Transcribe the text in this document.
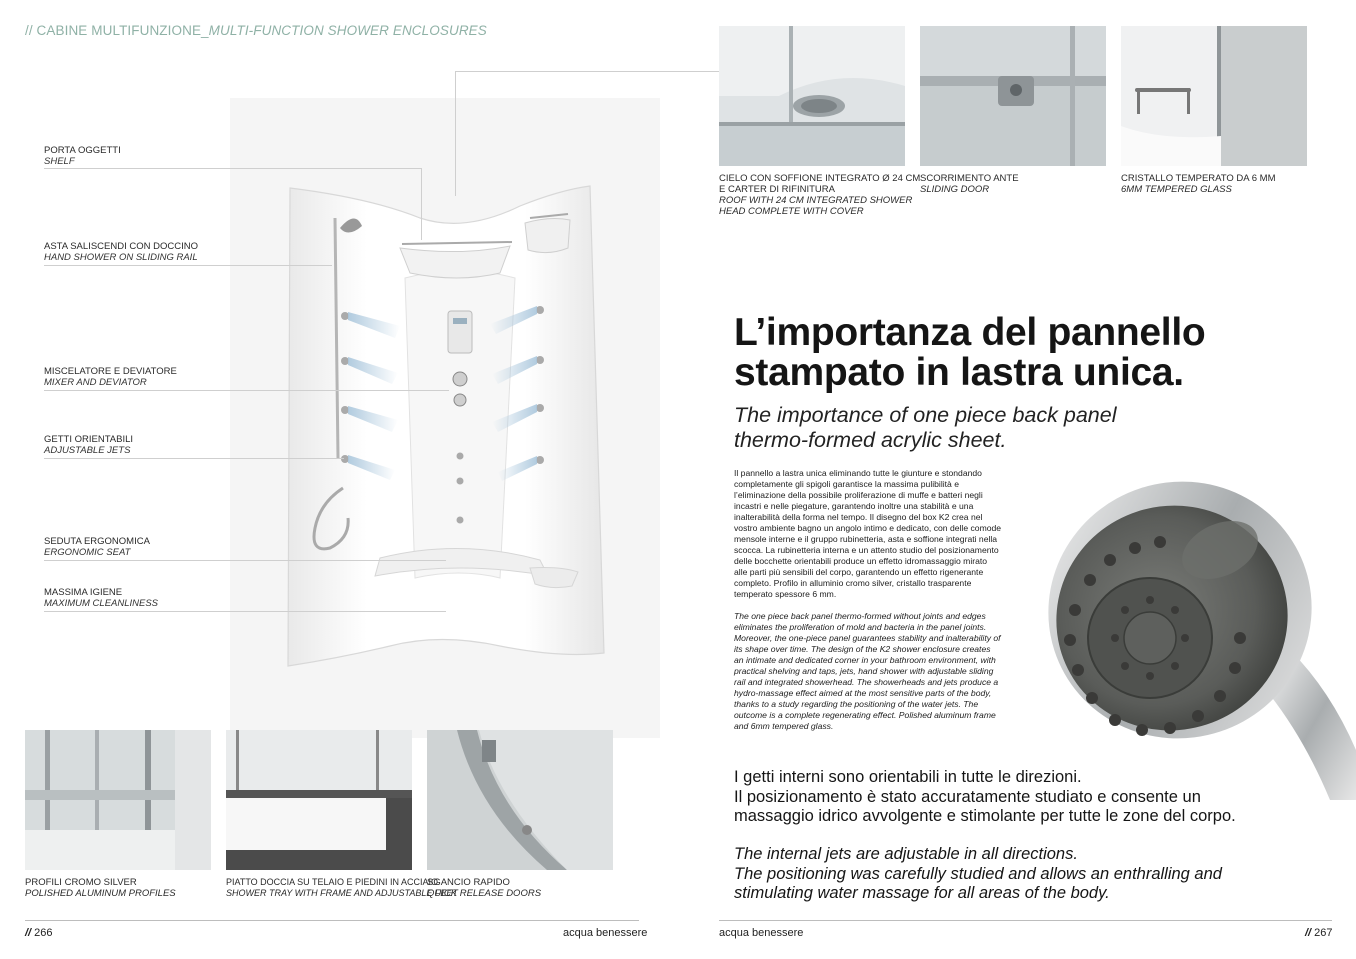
// CABINE MULTIFUNZIONE_MULTI-FUNCTION SHOWER ENCLOSURES
PORTA OGGETTI
SHELF
ASTA SALISCENDI CON DOCCINO
HAND SHOWER ON SLIDING RAIL
MISCELATORE E DEVIATORE
MIXER AND DEVIATOR
GETTI ORIENTABILI
ADJUSTABLE JETS
SEDUTA ERGONOMICA
ERGONOMIC SEAT
MASSIMA IGIENE
MAXIMUM CLEANLINESS
PROFILI CROMO SILVER
POLISHED ALUMINUM PROFILES
PIATTO DOCCIA SU TELAIO E PIEDINI IN ACCIAIO
SHOWER TRAY WITH FRAME AND ADJUSTABLE FEET
SGANCIO RAPIDO
QUICK RELEASE DOORS
// 266	acqua benessere
CIELO CON SOFFIONE INTEGRATO Ø 24 CM
E CARTER DI RIFINITURA
ROOF WITH 24 CM INTEGRATED SHOWER
HEAD COMPLETE WITH COVER
SCORRIMENTO ANTE
SLIDING DOOR
CRISTALLO TEMPERATO DA 6 MM
6MM TEMPERED GLASS
L’importanza del pannello
stampato in lastra unica.
The importance of one piece back panel
thermo-formed acrylic sheet.
Il pannello a lastra unica eliminando tutte le giunture e stondando
completamente gli spigoli garantisce la massima pulibilità e
l’eliminazione della possibile proliferazione di muffe e batteri negli
incastri e nelle piegature, garantendo inoltre una stabilità e una
inalterabilità della forma nel tempo. Il disegno del box K2 crea nel
vostro ambiente bagno un angolo intimo e dedicato, con delle comode
mensole interne e il gruppo rubinetteria, asta e soffione integrati nella
scocca. La rubinetteria interna e un attento studio del posizionamento
delle bocchette orientabili produce un effetto idromassaggio mirato
alle parti più sensibili del corpo, garantendo un effetto rigenerante
completo. Profilo in alluminio cromo silver, cristallo trasparente
temperato spessore 6 mm.
The one piece back panel thermo-formed without joints and edges
eliminates the proliferation of mold and bacteria in the panel joints.
Moreover, the one-piece panel guarantees stability and inalterability of
its shape over time. The design of the K2 shower enclosure creates
an intimate and dedicated corner in your bathroom environment, with
practical shelving and taps, jets, hand shower with adjustable sliding
rail and integrated showerhead. The showerheads and jets produce a
hydro-massage effect aimed at the most sensitive parts of the body,
thanks to a study regarding the positioning of the water jets. The
outcome is a complete regenerating effect. Polished aluminum frame
and 6mm tempered glass.
I getti interni sono orientabili in tutte le direzioni.
Il posizionamento è stato accuratamente studiato e consente un
massaggio idrico avvolgente e stimolante per tutte le zone del corpo.
The internal jets are adjustable in all directions.
The positioning was carefully studied and allows an enthralling and
stimulating water massage for all areas of the body.
acqua benessere	// 267
